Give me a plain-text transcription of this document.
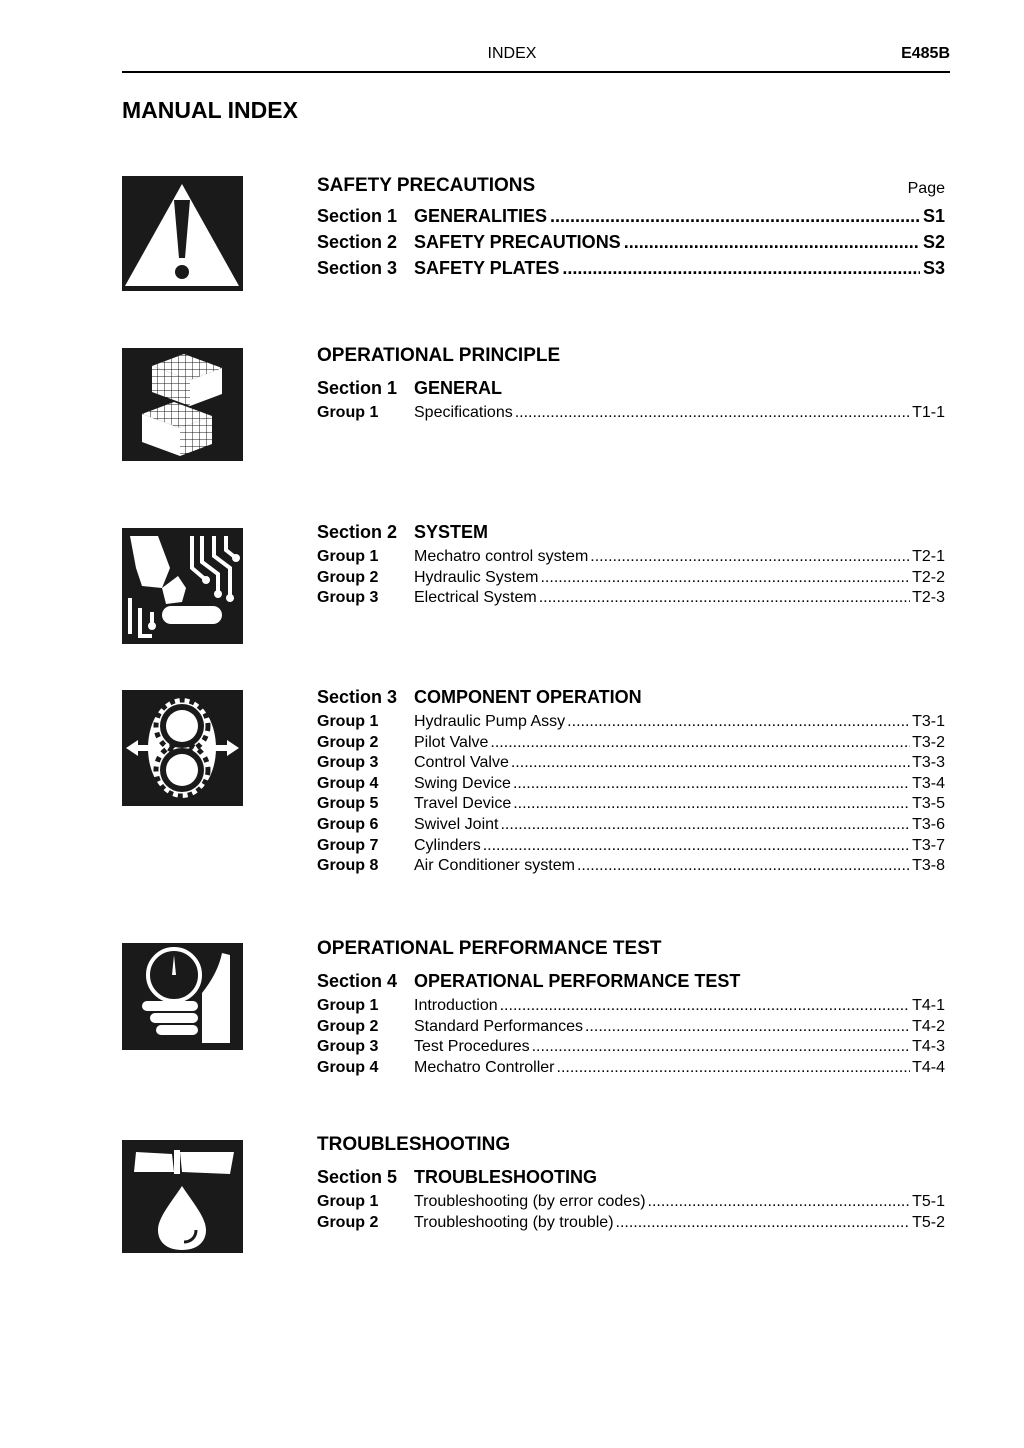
INDEX	E485B
MANUAL INDEX
SAFETY PRECAUTIONS	Page
Section 1 GENERALITIES .....	S1
Section 2 SAFETY PRECAUTIONS .....	S2
Section 3 SAFETY PLATES .....	S3
OPERATIONAL PRINCIPLE
Section 1 GENERAL
Group 1	Specifications .....	T1-1
Section 2 SYSTEM
Group 1	Mechatro control system .....	T2-1
Group 2	Hydraulic System .....	T2-2
Group 3	Electrical System .....	T2-3
Section 3 COMPONENT OPERATION
Group 1	Hydraulic Pump Assy .....	T3-1
Group 2	Pilot Valve .....	T3-2
Group 3	Control Valve .....	T3-3
Group 4	Swing Device .....	T3-4
Group 5	Travel Device .....	T3-5
Group 6	Swivel Joint .....	T3-6
Group 7	Cylinders .....	T3-7
Group 8	Air Conditioner system .....	T3-8
OPERATIONAL PERFORMANCE TEST
Section 4 OPERATIONAL PERFORMANCE TEST
Group 1	Introduction .....	T4-1
Group 2	Standard Performances .....	T4-2
Group 3	Test Procedures .....	T4-3
Group 4	Mechatro Controller .....	T4-4
TROUBLESHOOTING
Section 5 TROUBLESHOOTING
Group 1	Troubleshooting (by error codes) .....	T5-1
Group 2	Troubleshooting (by trouble) .....	T5-2
